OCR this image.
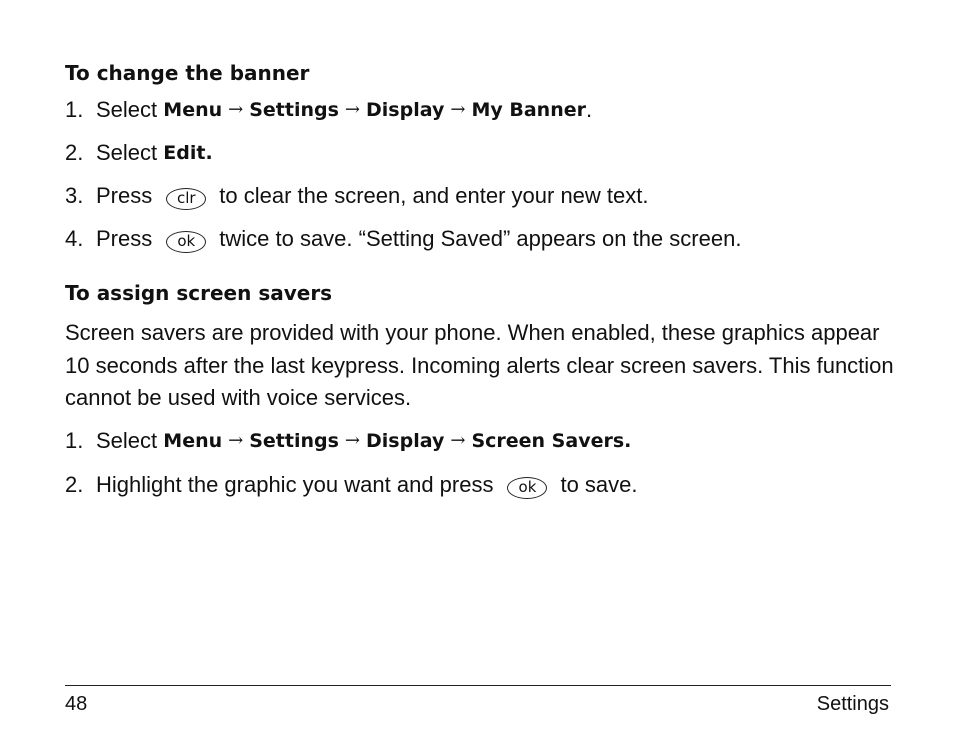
To change the banner
1. Select
Menu → Settings → Display → My Banner .
2. Select
Edit.
3. Press	clr	to clear the screen, and enter your new text.
4. Press	ok	twice to save. “Setting Saved” appears on the screen.
To assign screen savers
Screen savers are provided with your phone. When enabled, these graphics appear 10 seconds after the last keypress. Incoming alerts clear screen savers. This function cannot be used with voice services.
1. Select
Menu → Settings → Display → Screen Savers.
2. Highlight the graphic you want and press	ok	to save.
48	Settings
